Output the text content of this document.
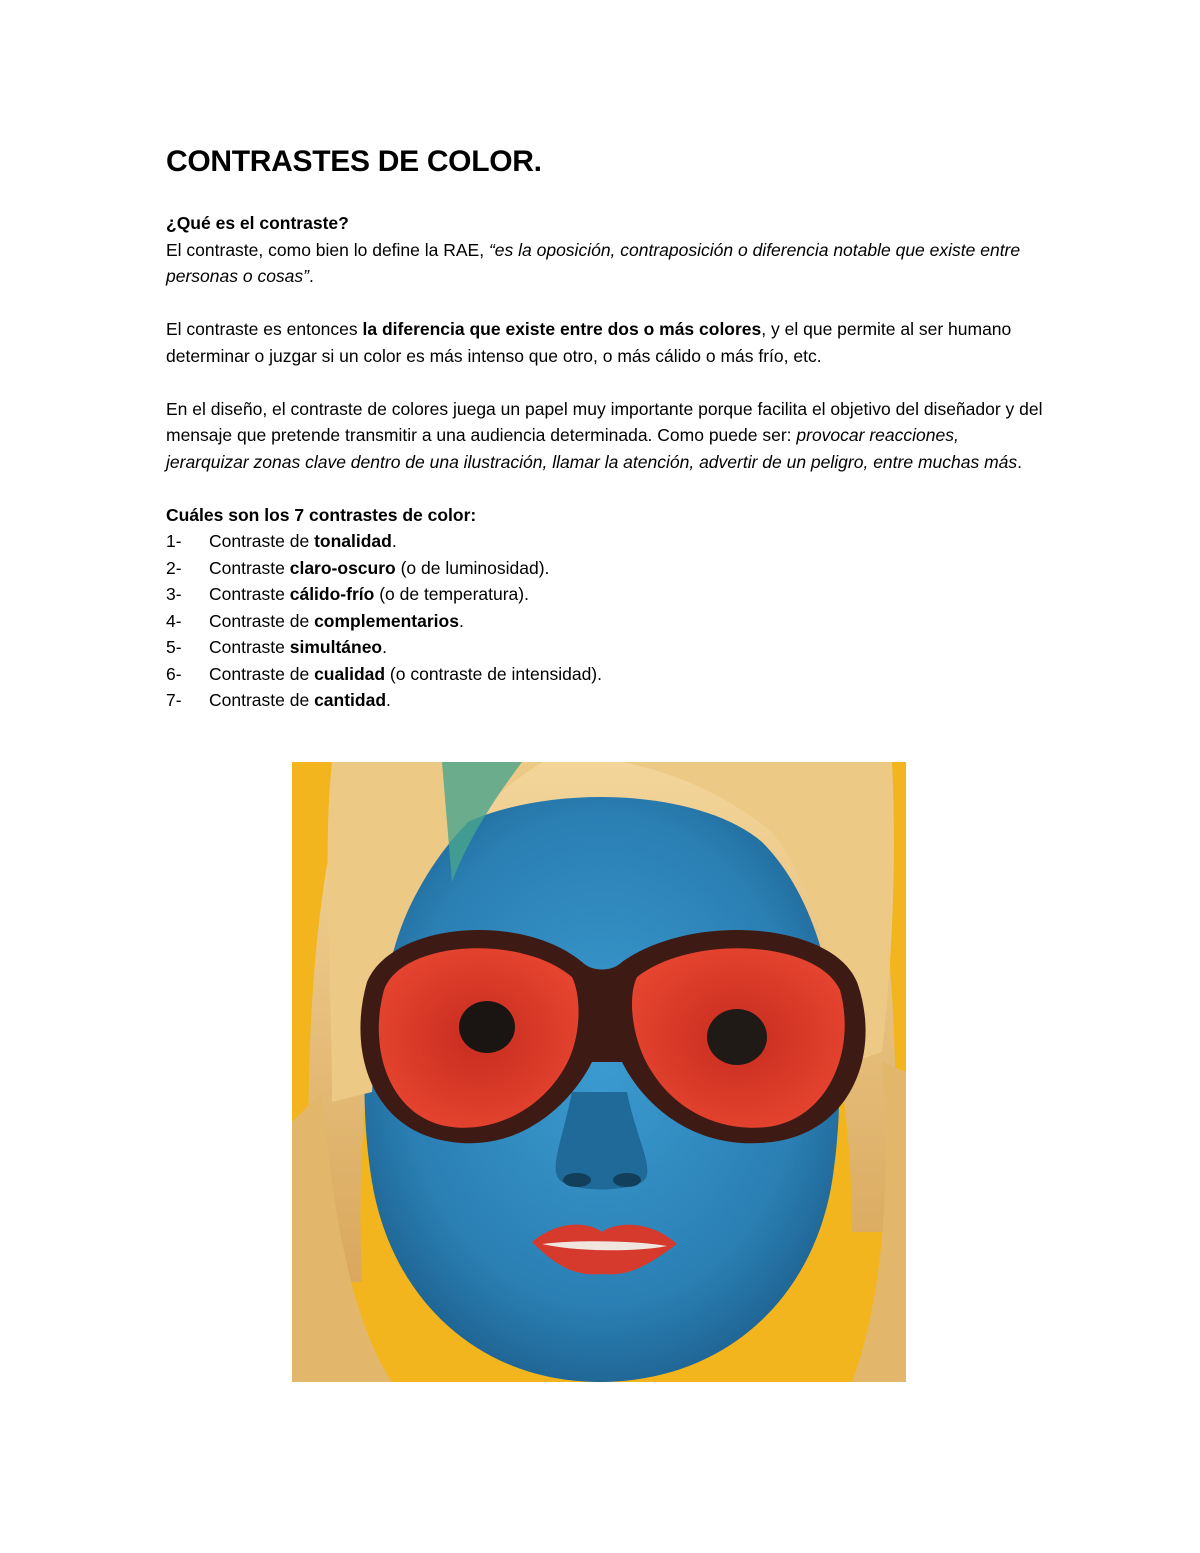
CONTRASTES DE COLOR.

¿Qué es el contraste?

El contraste, como bien lo define la RAE, “es la oposición, contraposición o diferencia notable que existe entre personas o cosas”.

El contraste es entonces la diferencia que existe entre dos o más colores, y el que permite al ser humano determinar o juzgar si un color es más intenso que otro, o más cálido o más frío, etc.

En el diseño, el contraste de colores juega un papel muy importante porque facilita el objetivo del diseñador y del mensaje que pretende transmitir a una audiencia determinada. Como puede ser: provocar reacciones, jerarquizar zonas clave dentro de una ilustración, llamar la atención, advertir de un peligro, entre muchas más.

Cuáles son los 7 contrastes de color:

1-	Contraste de tonalidad.
2-	Contraste claro-oscuro (o de luminosidad).
3-	Contraste cálido-frío (o de temperatura).
4-	Contraste de complementarios.
5-	Contraste simultáneo.
6-	Contraste de cualidad (o contraste de intensidad).
7-	Contraste de cantidad.
